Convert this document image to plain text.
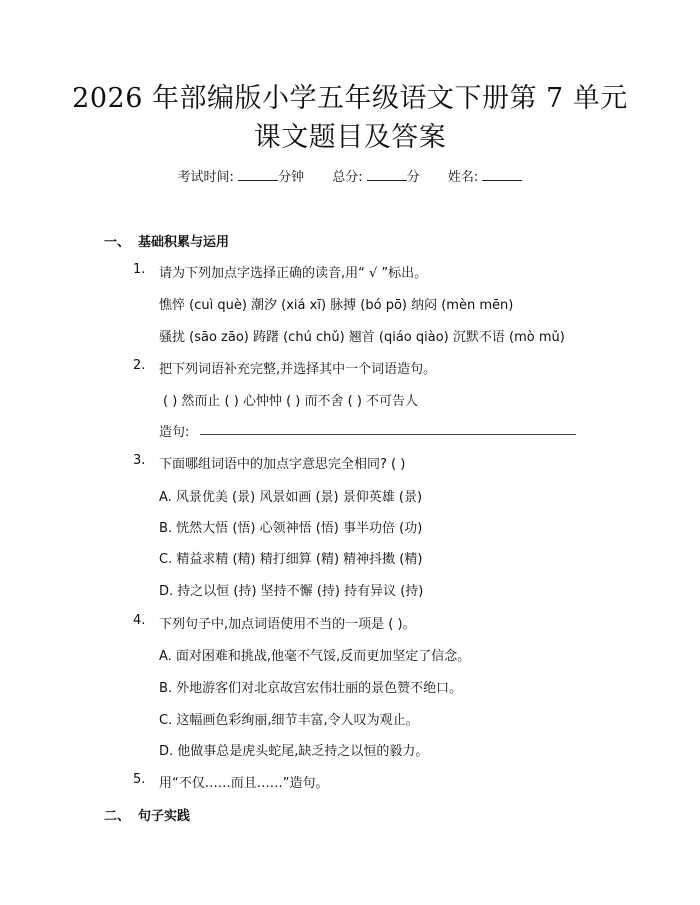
2026 年部编版小学五年级语文下册第 7 单元
课文题目及答案
考试时间:	分钟 总分:	分 姓名:
一、 基础积累与运用
1. 请为下列加点字选择正确的读音,用“ √ ”标出。
憔悴 (cuì què) 潮汐 (xiá xī) 脉搏 (bó pō) 纳闷 (mèn mēn)
骚扰 (sāo zāo) 踌躇 (chú chǔ) 翘首 (qiáo qiào) 沉默不语 (mò mǔ)
2. 把下列词语补充完整,并选择其中一个词语造句。
( ) 然而止 ( ) 心忡忡 ( ) 而不舍 ( ) 不可告人
造句:
3. 下面哪组词语中的加点字意思完全相同? ( )
A. 风景优美 (景) 风景如画 (景) 景仰英雄 (景)
B. 恍然大悟 (悟) 心领神悟 (悟) 事半功倍 (功)
C. 精益求精 (精) 精打细算 (精) 精神抖擞 (精)
D. 持之以恒 (持) 坚持不懈 (持) 持有异议 (持)
4. 下列句子中,加点词语使用不当的一项是 ( )。
A. 面对困难和挑战,他毫不气馁,反而更加坚定了信念。
B. 外地游客们对北京故宫宏伟壮丽的景色赞不绝口。
C. 这幅画色彩绚丽,细节丰富,令人叹为观止。
D. 他做事总是虎头蛇尾,缺乏持之以恒的毅力。
5. 用“不仅……而且……”造句。
二、 句子实践
